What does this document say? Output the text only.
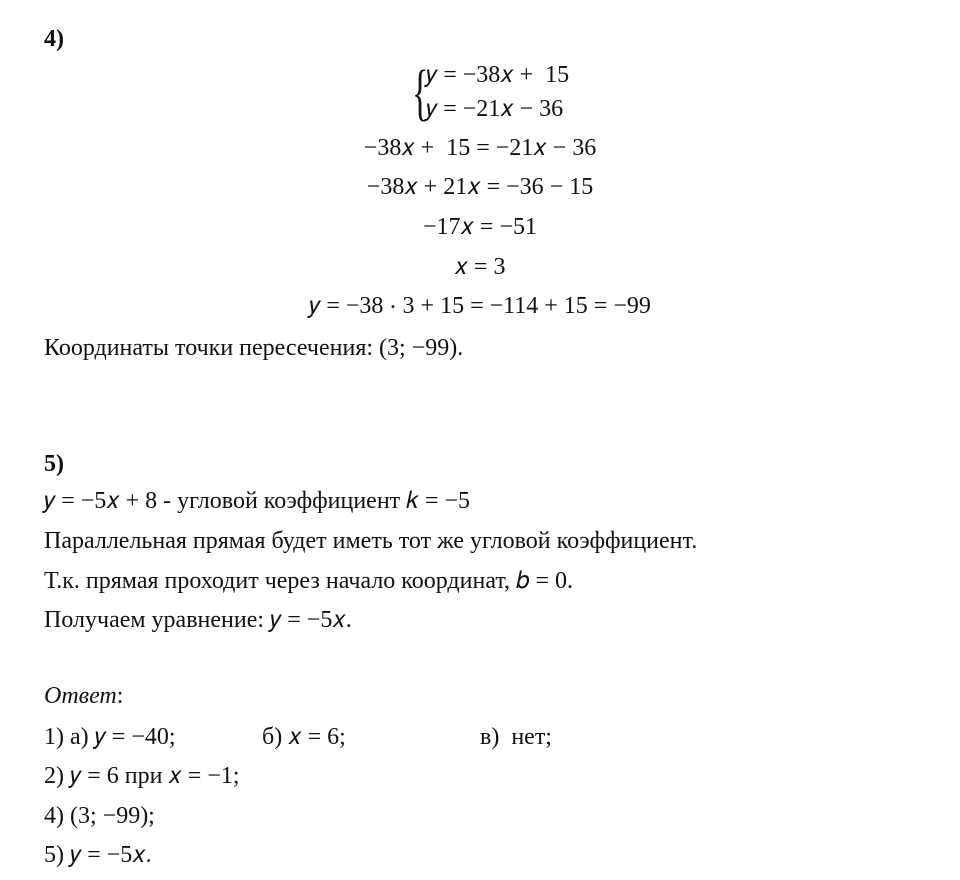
4)
{
𝑦 = −38𝑥 +  15
𝑦 = −21𝑥 − 36
−38𝑥 +  15 = −21𝑥 − 36
−38𝑥 + 21𝑥 = −36 − 15
−17𝑥 = −51
𝑥 = 3
𝑦 = −38 ⋅ 3 + 15 = −114 + 15 = −99
Координаты точки пересечения: (3; −99).
5)
𝑦 = −5𝑥 + 8 - угловой коэффициент 𝑘 = −5
Параллельная прямая будет иметь тот же угловой коэффициент.
Т.к. прямая проходит через начало координат, 𝑏 = 0.
Получаем уравнение: 𝑦 = −5𝑥.
Ответ:
1) а) 𝑦 = −40;	б) 𝑥 = 6;	в)  нет;
2) 𝑦 = 6 при 𝑥 = −1;
4) (3; −99);
5) 𝑦 = −5𝑥.
